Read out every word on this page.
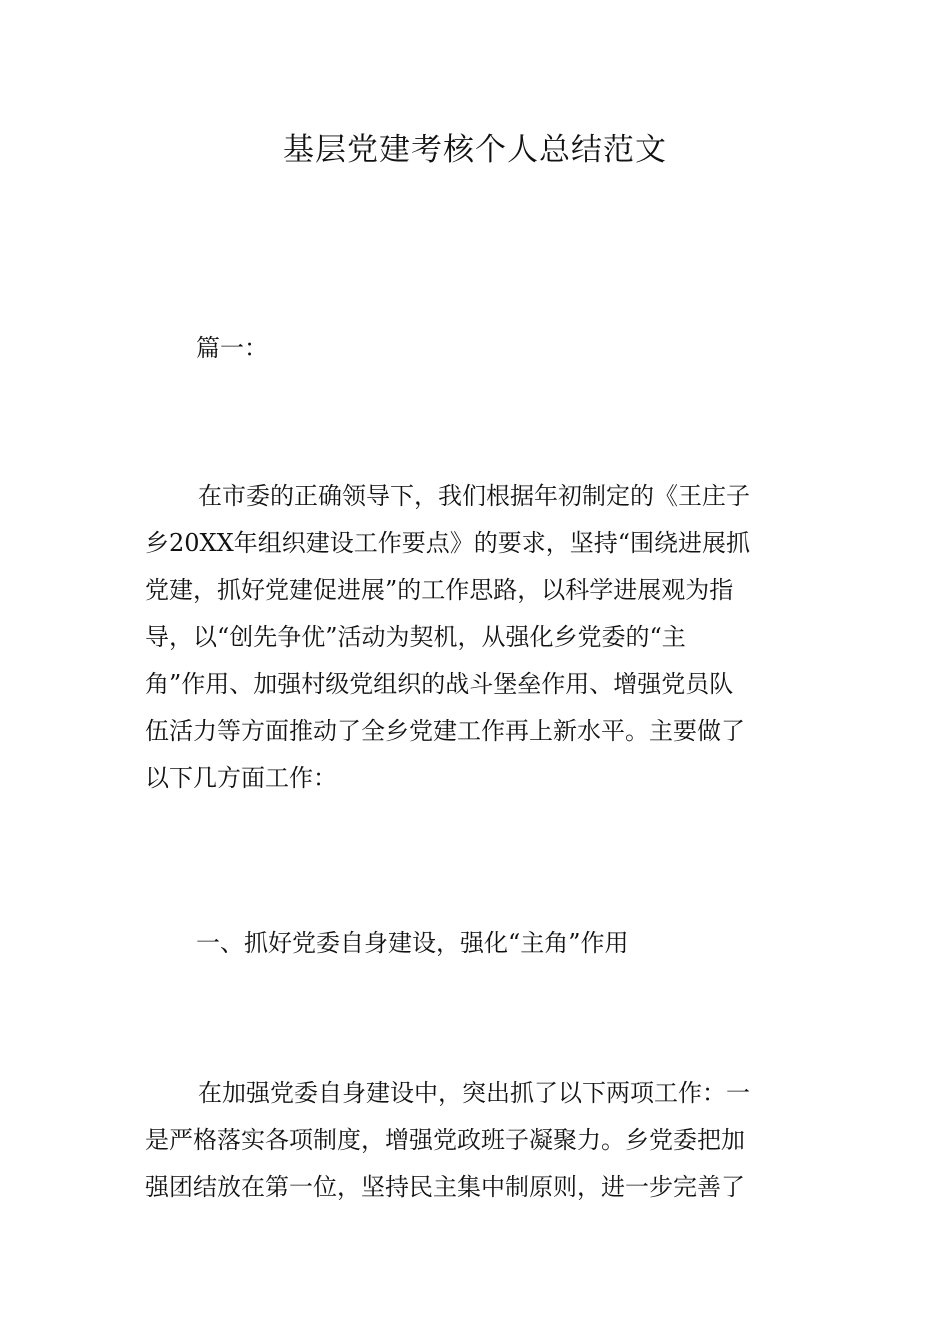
基层党建考核个人总结范文

篇一：

在市委的正确领导下，我们根据年初制定的《王庄子
乡20XX年组织建设工作要点》的要求，坚持“围绕进展抓
党建，抓好党建促进展”的工作思路，以科学进展观为指
导，以“创先争优”活动为契机，从强化乡党委的“主
角”作用、加强村级党组织的战斗堡垒作用、增强党员队
伍活力等方面推动了全乡党建工作再上新水平。主要做了
以下几方面工作：

一、抓好党委自身建设，强化“主角”作用

在加强党委自身建设中，突出抓了以下两项工作：一
是严格落实各项制度，增强党政班子凝聚力。乡党委把加
强团结放在第一位，坚持民主集中制原则，进一步完善了
